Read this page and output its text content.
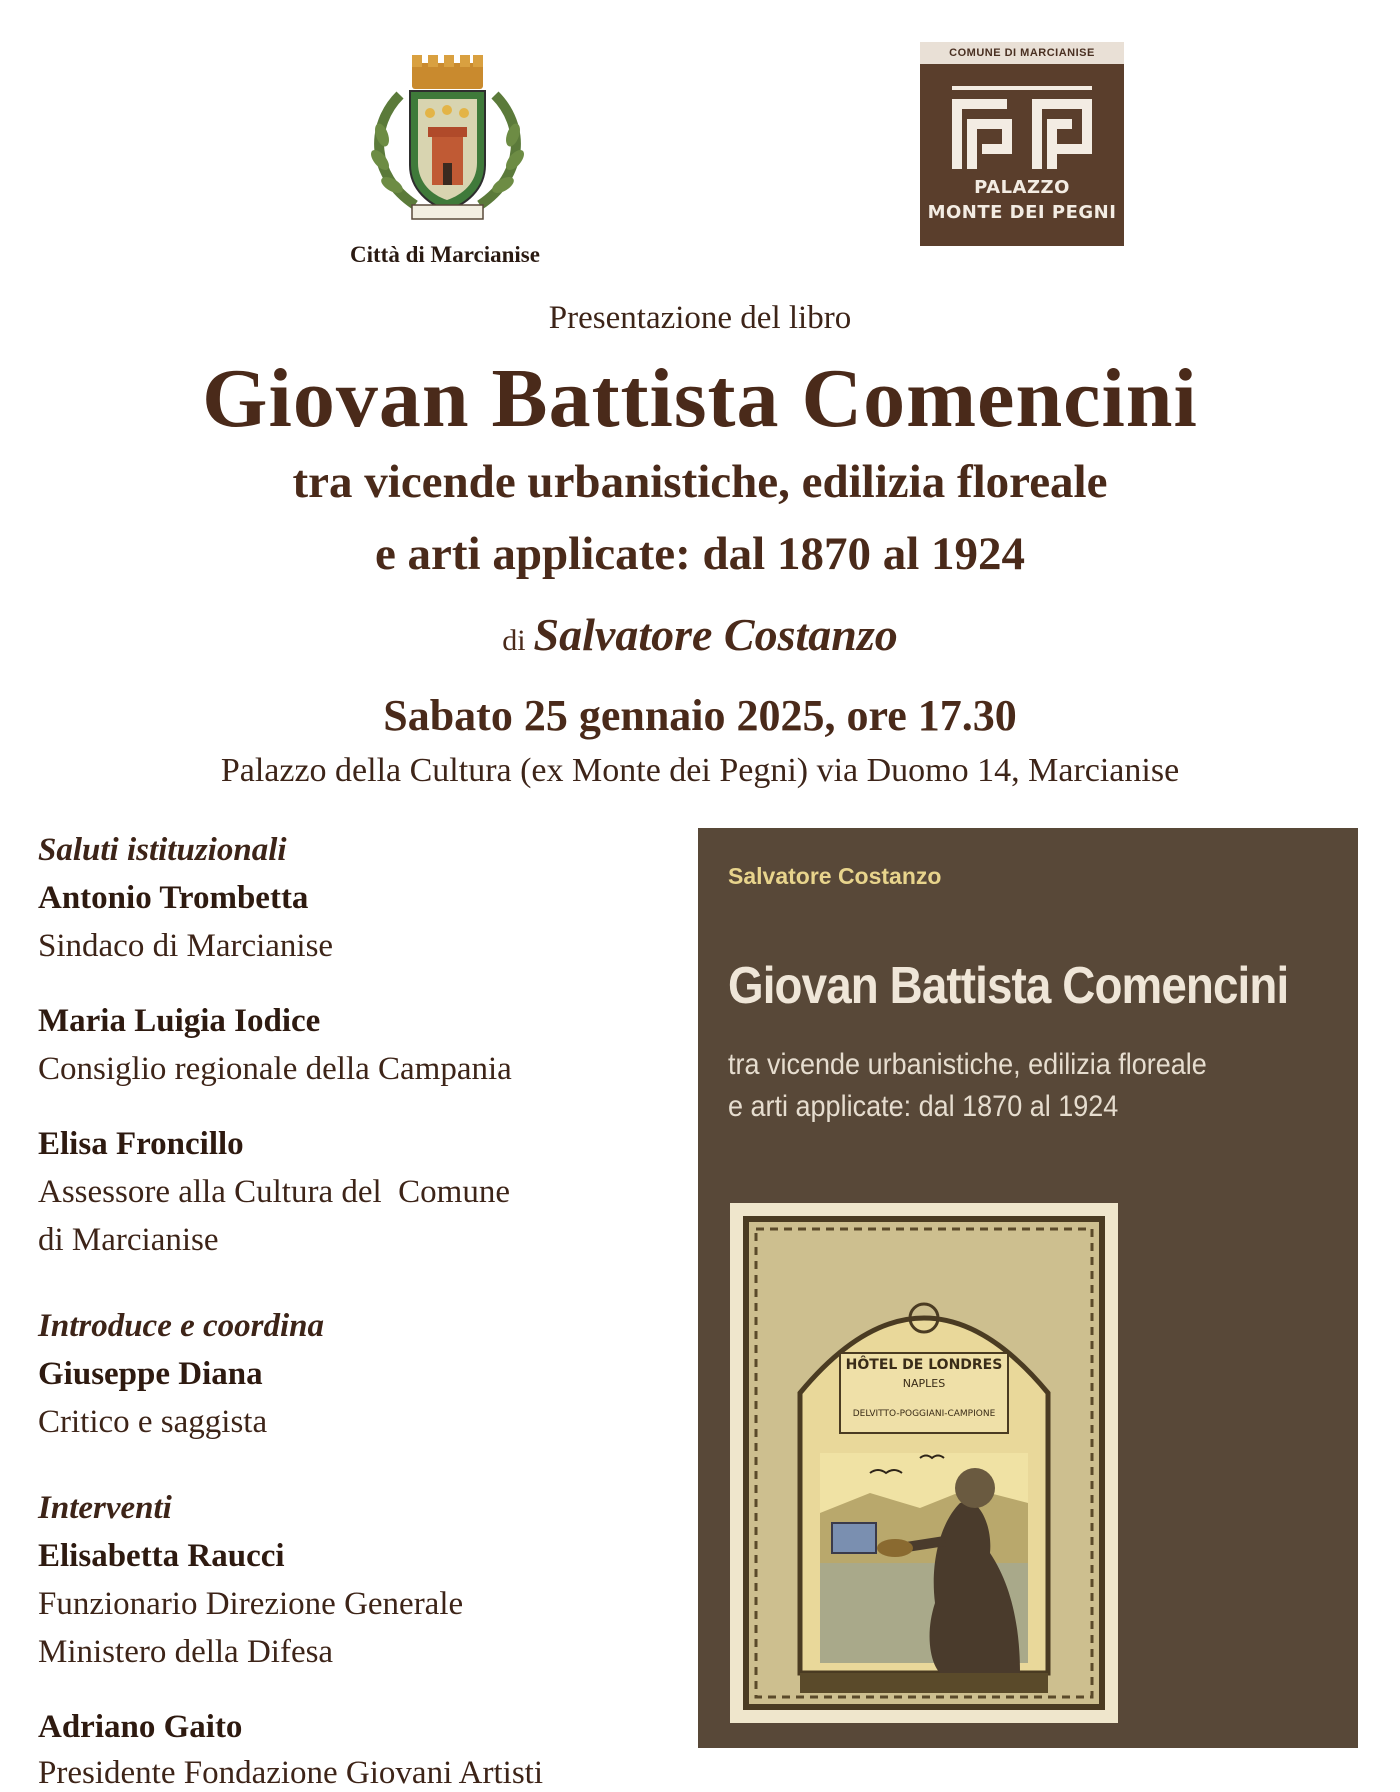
Città di Marcianise
COMUNE DI MARCIANISE
PALAZZO
MONTE DEI PEGNI
Presentazione del libro
Giovan Battista Comencini
tra vicende urbanistiche, edilizia floreale
e arti applicate: dal 1870 al 1924
di Salvatore Costanzo
Sabato 25 gennaio 2025, ore 17.30
Palazzo della Cultura (ex Monte dei Pegni) via Duomo 14, Marcianise
Saluti istituzionali
Antonio Trombetta
Sindaco di Marcianise
Maria Luigia Iodice
Consiglio regionale della Campania
Elisa Froncillo
Assessore alla Cultura del  Comune
di Marcianise
Introduce e coordina
Giuseppe Diana
Critico e saggista
Interventi
Elisabetta Raucci
Funzionario Direzione Generale
Ministero della Difesa
Adriano Gaito
Presidente Fondazione Giovani Artisti
Salvatore Costanzo
Giovan Battista Comencini
tra vicende urbanistiche, edilizia floreale
e arti applicate: dal 1870 al 1924
HÔTEL DE LONDRES
NAPLES
DELVITTO-POGGIANI-CAMPIONE
